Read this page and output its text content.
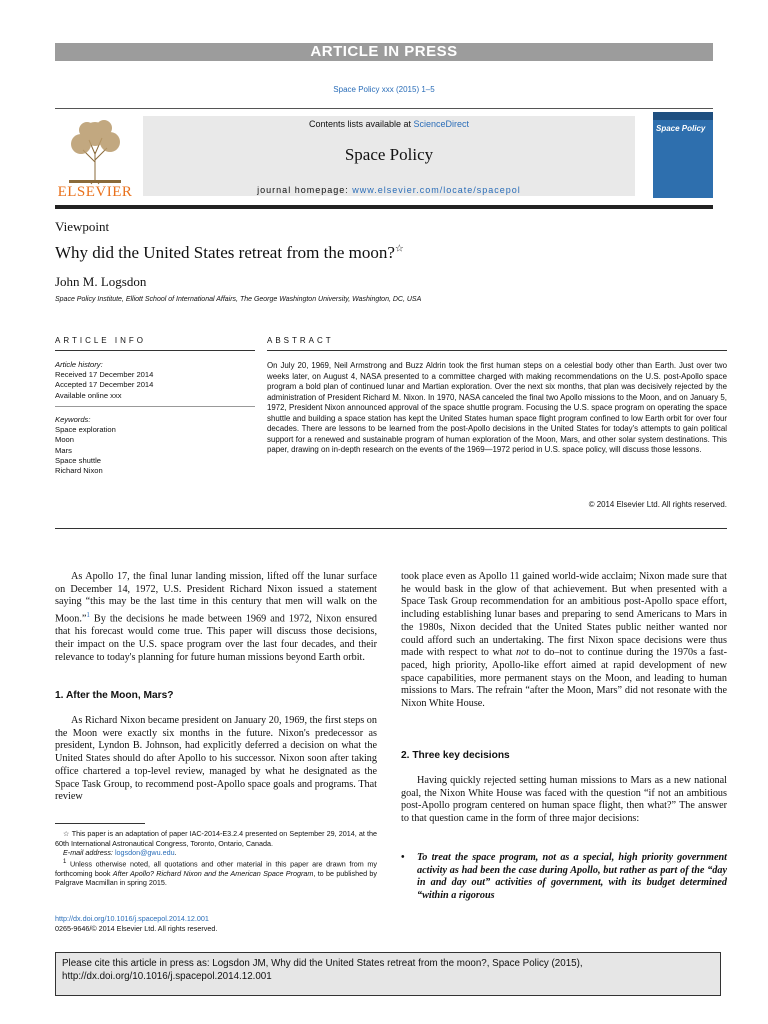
ARTICLE IN PRESS
Space Policy xxx (2015) 1–5
ELSEVIER
Contents lists available at ScienceDirect
Space Policy
journal homepage: www.elsevier.com/locate/spacepol
Space Policy
Viewpoint
Why did the United States retreat from the moon?☆
John M. Logsdon
Space Policy Institute, Elliott School of International Affairs, The George Washington University, Washington, DC, USA
ARTICLE INFO
Article history:
Received 17 December 2014
Accepted 17 December 2014
Available online xxx
Keywords:
Space exploration
Moon
Mars
Space shuttle
Richard Nixon
ABSTRACT
On July 20, 1969, Neil Armstrong and Buzz Aldrin took the first human steps on a celestial body other than Earth. Just over two weeks later, on August 4, NASA presented to a committee charged with making recommendations on the U.S. post-Apollo space program a bold plan of continued lunar and Martian exploration. Over the next six months, that plan was decisively rejected by the administration of President Richard M. Nixon. In 1970, NASA canceled the final two Apollo missions to the Moon, and on January 5, 1972, President Nixon announced approval of the space shuttle program. Focusing the U.S. space program on operating the space shuttle and building a space station has kept the United States human space flight program confined to low Earth orbit for over four decades. There are lessons to be learned from the post-Apollo decisions in the United States for today's attempts to gain political support for a renewed and sustainable program of human exploration of the Moon, Mars, and other solar system destinations. This paper, drawing on in-depth research on the events of the 1969—1972 period in U.S. space policy, will discuss those lessons.
© 2014 Elsevier Ltd. All rights reserved.

As Apollo 17, the final lunar landing mission, lifted off the lunar surface on December 14, 1972, U.S. President Richard Nixon issued a statement saying “this may be the last time in this century that men will walk on the Moon.”$^1$ By the decisions he made between 1969 and 1972, Nixon ensured that his forecast would come true. This paper will discuss those decisions, their impact on the U.S. space program over the last four decades, and their relevance to today's planning for future human missions beyond Earth orbit.

1. After the Moon, Mars?

As Richard Nixon became president on January 20, 1969, the first steps on the Moon were exactly six months in the future. Nixon's predecessor as president, Lyndon B. Johnson, had explicitly deferred a decision on what the United States should do after Apollo to his successor. Nixon soon after taking office chartered a top-level review, managed by what he designated as the Space Task Group, to recommend post-Apollo space goals and programs. That review

☆ This paper is an adaptation of paper IAC-2014-E3.2.4 presented on September 29, 2014, at the 60th International Astronautical Congress, Toronto, Ontario, Canada.
E-mail address: logsdon@gwu.edu.
$^1$ Unless otherwise noted, all quotations and other material in this paper are drawn from my forthcoming book After Apollo? Richard Nixon and the American Space Program, to be published by Palgrave Macmillan in spring 2015.
http://dx.doi.org/10.1016/j.spacepol.2014.12.001
0265-9646/© 2014 Elsevier Ltd. All rights reserved.

took place even as Apollo 11 gained world-wide acclaim; Nixon made sure that he would bask in the glow of that achievement. But when presented with a Space Task Group recommendation for an ambitious post-Apollo space effort, including establishing lunar bases and preparing to send Americans to Mars in the 1980s, Nixon decided that the United States public neither wanted nor could afford such an undertaking. The first Nixon space decisions were thus made with respect to what not to do–not to continue during the 1970s a fast-paced, high priority, Apollo-like effort aimed at rapid development of new space capabilities, more permanent stays on the Moon, and leading to human missions to Mars. The refrain “after the Moon, Mars” did not resonate with the Nixon White House.

2. Three key decisions

Having quickly rejected setting human missions to Mars as a new national goal, the Nixon White House was faced with the question “if not an ambitious post-Apollo program centered on human space flight, then what?” The answer to that question came in the form of three major decisions:

•	To treat the space program, not as a special, high priority government activity as had been the case during Apollo, but rather as part of the “day in and day out” activities of government, with its budget determined “within a rigorous
Please cite this article in press as: Logsdon JM, Why did the United States retreat from the moon?, Space Policy (2015), http://dx.doi.org/10.1016/j.spacepol.2014.12.001
